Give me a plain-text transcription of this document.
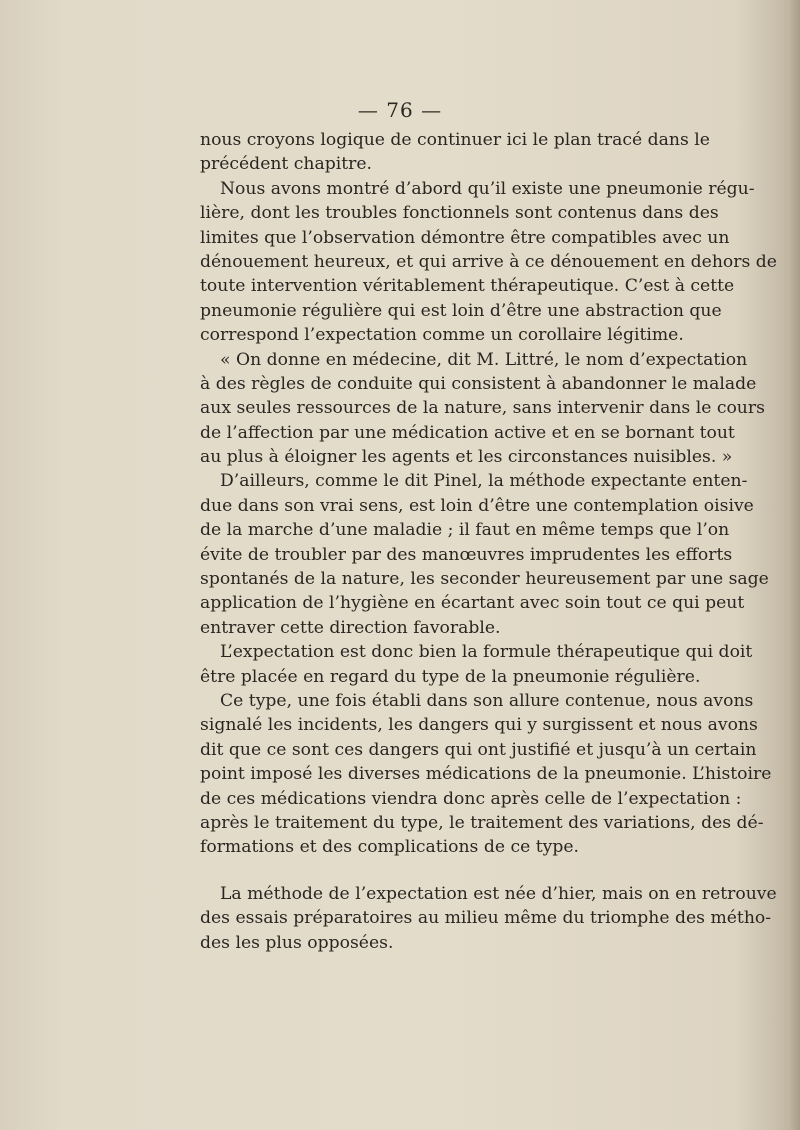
— 76 —
nous croyons logique de continuer ici le plan tracé dans le
précédent chapitre.
Nous avons montré d’abord qu’il existe une pneumonie régu-
lière, dont les troubles fonctionnels sont contenus dans des
limites que l’observation démontre être compatibles avec un
dénouement heureux, et qui arrive à ce dénouement en dehors de
toute intervention véritablement thérapeutique. C’est à cette
pneumonie régulière qui est loin d’être une abstraction que
correspond l’expectation comme un corollaire légitime.
« On donne en médecine, dit M. Littré, le nom d’expectation
à des règles de conduite qui consistent à abandonner le malade
aux seules ressources de la nature, sans intervenir dans le cours
de l’affection par une médication active et en se bornant tout
au plus à éloigner les agents et les circonstances nuisibles. »
D’ailleurs, comme le dit Pinel, la méthode expectante enten-
due dans son vrai sens, est loin d’être une contemplation oisive
de la marche d’une maladie ; il faut en même temps que l’on
évite de troubler par des manœuvres imprudentes les efforts
spontanés de la nature, les seconder heureusement par une sage
application de l’hygiène en écartant avec soin tout ce qui peut
entraver cette direction favorable.
L’expectation est donc bien la formule thérapeutique qui doit
être placée en regard du type de la pneumonie régulière.
Ce type, une fois établi dans son allure contenue, nous avons
signalé les incidents, les dangers qui y surgissent et nous avons
dit que ce sont ces dangers qui ont justifié et jusqu’à un certain
point imposé les diverses médications de la pneumonie. L’histoire
de ces médications viendra donc après celle de l’expectation :
après le traitement du type, le traitement des variations, des dé-
formations et des complications de ce type.
La méthode de l’expectation est née d’hier, mais on en retrouve
des essais préparatoires au milieu même du triomphe des métho-
des les plus opposées.
